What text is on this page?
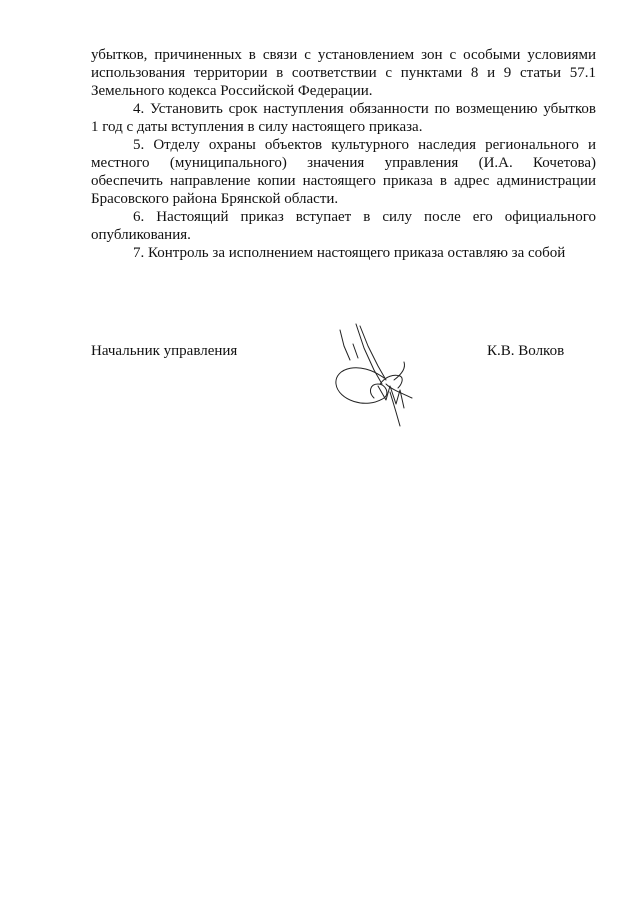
убытков, причиненных в связи с установлением зон с особыми условиями
использования территории в соответствии с пунктами 8 и 9 статьи 57.1
Земельного кодекса Российской Федерации.
4. Установить срок наступления обязанности по возмещению убытков
1 год с даты вступления в силу настоящего приказа.
5. Отделу охраны объектов культурного наследия регионального и
местного (муниципального) значения управления (И.А. Кочетова)
обеспечить направление копии настоящего приказа в адрес администрации
Брасовского района Брянской области.
6. Настоящий приказ вступает в силу после его официального
опубликования.
7. Контроль за исполнением настоящего приказа оставляю за собой
Начальник управления	К.В. Волков
